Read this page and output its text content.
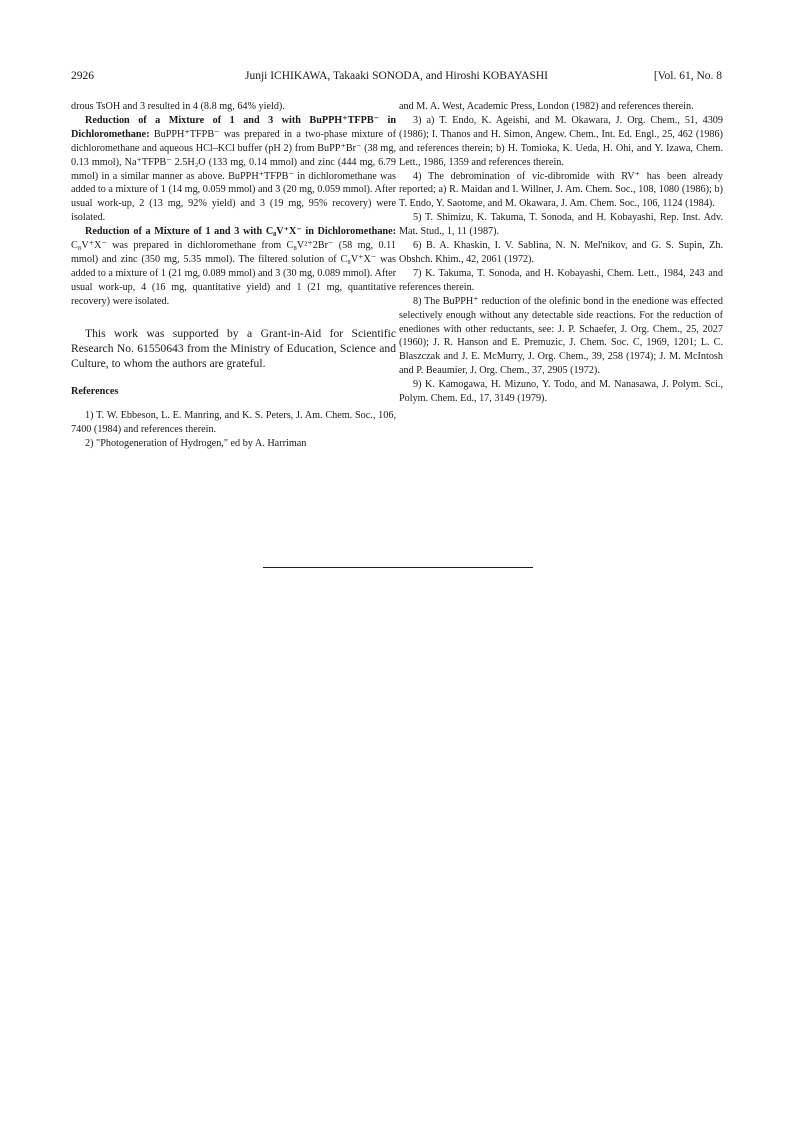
2926	Junji ICHIKAWA, Takaaki SONODA, and Hiroshi KOBAYASHI	[Vol. 61, No. 8

drous TsOH and 3 resulted in 4 (8.8 mg, 64% yield).

Reduction of a Mixture of 1 and 3 with BuPPH⁺TFPB⁻ in Dichloromethane: BuPPH⁺TFPB⁻ was prepared in a two-phase mixture of dichloromethane and aqueous HCl–KCl buffer (pH 2) from BuPP⁺Br⁻ (38 mg, 0.13 mmol), Na⁺TFPB⁻ 2.5H₂O (133 mg, 0.14 mmol) and zinc (444 mg, 6.79 mmol) in a similar manner as above. BuPPH⁺TFPB⁻ in dichloromethane was added to a mixture of 1 (14 mg, 0.059 mmol) and 3 (20 mg, 0.059 mmol). After usual work-up, 2 (13 mg, 92% yield) and 3 (19 mg, 95% recovery) were isolated.

Reduction of a Mixture of 1 and 3 with C₈V⁺X⁻ in Dichloromethane: C₈V⁺X⁻ was prepared in dichloromethane from C₈V²⁺2Br⁻ (58 mg, 0.11 mmol) and zinc (350 mg, 5.35 mmol). The filtered solution of C₈V⁺X⁻ was added to a mixture of 1 (21 mg, 0.089 mmol) and 3 (30 mg, 0.089 mmol). After usual work-up, 4 (16 mg, quantitative yield) and 1 (21 mg, quantitative recovery) were isolated.

This work was supported by a Grant-in-Aid for Scientific Research No. 61550643 from the Ministry of Education, Science and Culture, to whom the authors are grateful.

References

1) T. W. Ebbeson, L. E. Manring, and K. S. Peters, J. Am. Chem. Soc., 106, 7400 (1984) and references therein.

2) "Photogeneration of Hydrogen," ed by A. Harriman

and M. A. West, Academic Press, London (1982) and references therein.

3) a) T. Endo, K. Ageishi, and M. Okawara, J. Org. Chem., 51, 4309 (1986); I. Thanos and H. Simon, Angew. Chem., Int. Ed. Engl., 25, 462 (1986) and references therein; b) H. Tomioka, K. Ueda, H. Ohi, and Y. Izawa, Chem. Lett., 1986, 1359 and references therein.

4) The debromination of vic-dibromide with RV⁺ has been already reported; a) R. Maidan and I. Willner, J. Am. Chem. Soc., 108, 1080 (1986); b) T. Endo, Y. Saotome, and M. Okawara, J. Am. Chem. Soc., 106, 1124 (1984).

5) T. Shimizu, K. Takuma, T. Sonoda, and H. Kobayashi, Rep. Inst. Adv. Mat. Stud., 1, 11 (1987).

6) B. A. Khaskin, I. V. Sablina, N. N. Mel'nikov, and G. S. Supin, Zh. Obshch. Khim., 42, 2061 (1972).

7) K. Takuma, T. Sonoda, and H. Kobayashi, Chem. Lett., 1984, 243 and references therein.

8) The BuPPH⁺ reduction of the olefinic bond in the enedione was effected selectively enough without any detectable side reactions. For the reduction of enediones with other reductants, see: J. P. Schaefer, J. Org. Chem., 25, 2027 (1960); J. R. Hanson and E. Premuzic, J. Chem. Soc. C, 1969, 1201; L. C. Blaszczak and J. E. McMurry, J. Org. Chem., 39, 258 (1974); J. M. McIntosh and P. Beaumier, J. Org. Chem., 37, 2905 (1972).

9) K. Kamogawa, H. Mizuno, Y. Todo, and M. Nanasawa, J. Polym. Sci., Polym. Chem. Ed., 17, 3149 (1979).
